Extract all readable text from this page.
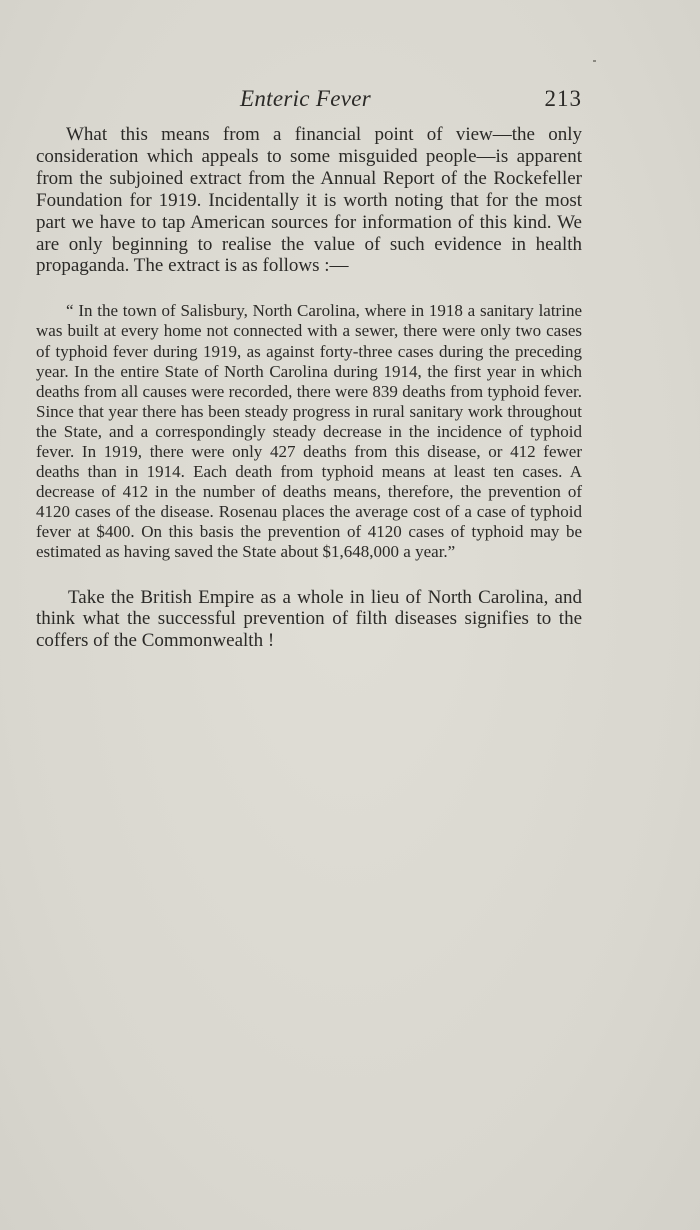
Enteric Fever	213

What this means from a financial point of view—the only consideration which appeals to some misguided people—is apparent from the subjoined extract from the Annual Report of the Rockefeller Foundation for 1919. Incidentally it is worth noting that for the most part we have to tap American sources for information of this kind. We are only beginning to realise the value of such evidence in health propaganda. The extract is as follows :—

“ In the town of Salisbury, North Carolina, where in 1918 a sanitary latrine was built at every home not connected with a sewer, there were only two cases of typhoid fever during 1919, as against forty-three cases during the preceding year. In the entire State of North Carolina during 1914, the first year in which deaths from all causes were recorded, there were 839 deaths from typhoid fever. Since that year there has been steady progress in rural sanitary work throughout the State, and a correspondingly steady decrease in the incidence of typhoid fever. In 1919, there were only 427 deaths from this disease, or 412 fewer deaths than in 1914. Each death from typhoid means at least ten cases. A decrease of 412 in the number of deaths means, therefore, the prevention of 4120 cases of the disease. Rosenau places the average cost of a case of typhoid fever at $400. On this basis the prevention of 4120 cases of typhoid may be estimated as having saved the State about $1,648,000 a year.”

Take the British Empire as a whole in lieu of North Carolina, and think what the successful prevention of filth diseases signifies to the coffers of the Commonwealth !
